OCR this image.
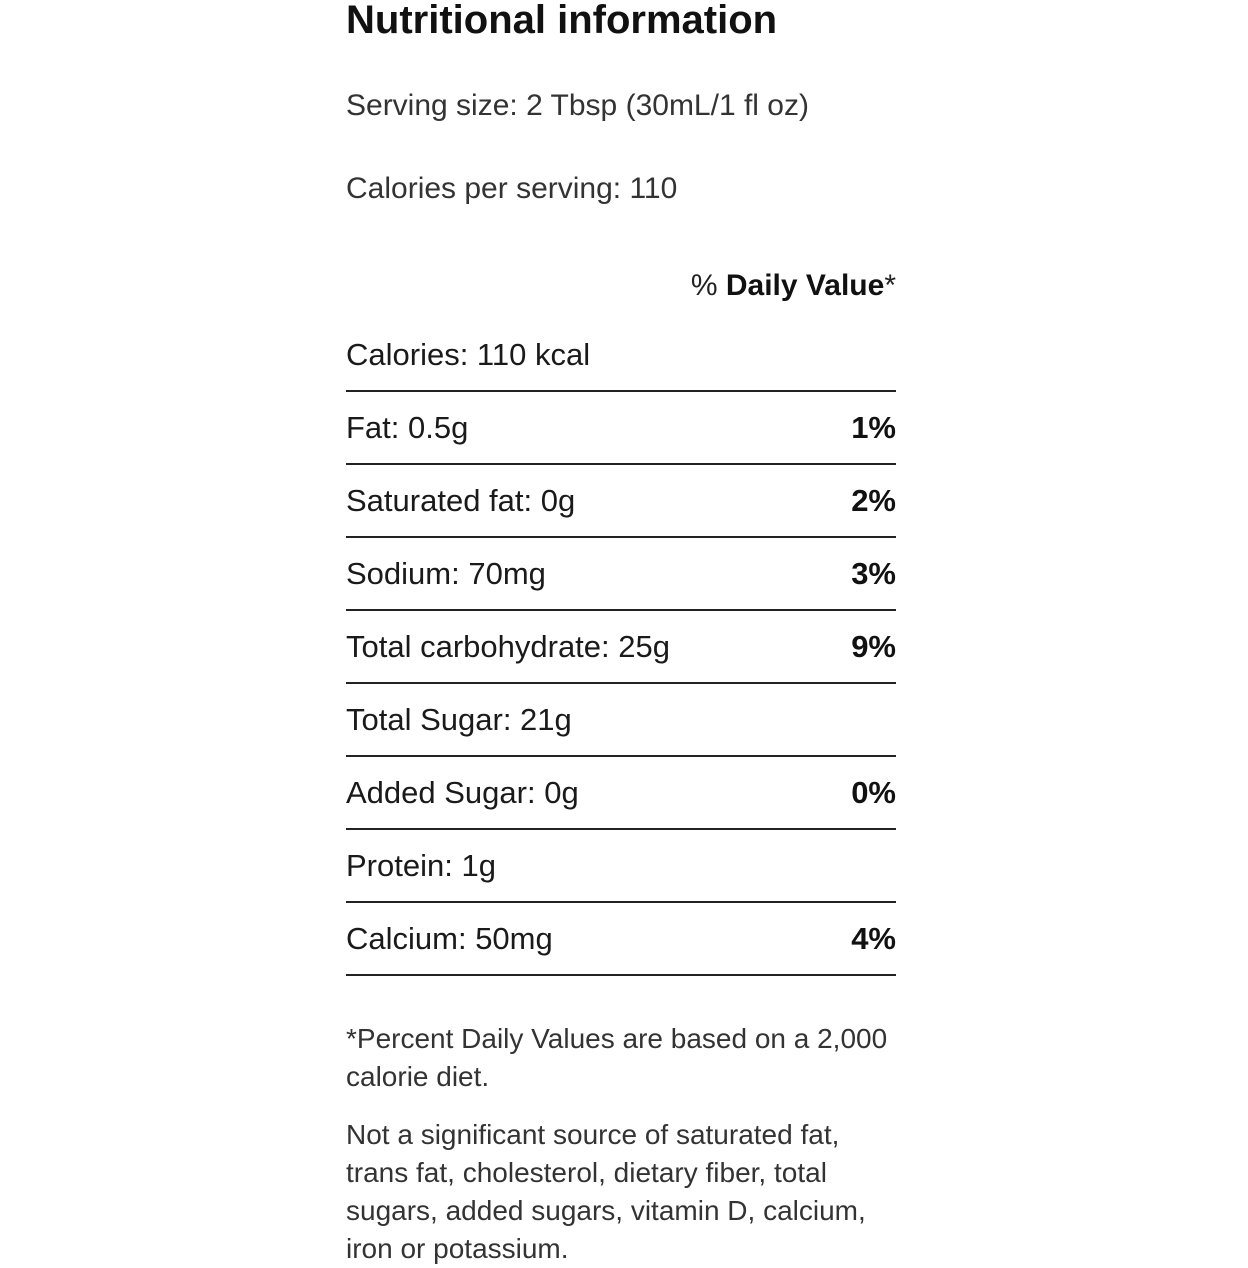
Nutritional information
Serving size: 2 Tbsp (30mL/1 fl oz)
Calories per serving: 110
% Daily Value*
Calories: 110 kcal
Fat: 0.5g	1%
Saturated fat: 0g	2%
Sodium: 70mg	3%
Total carbohydrate: 25g	9%
Total Sugar: 21g
Added Sugar: 0g	0%
Protein: 1g
Calcium: 50mg	4%

*Percent Daily Values are based on a 2,000 calorie diet.

Not a significant source of saturated fat, trans fat, cholesterol, dietary fiber, total sugars, added sugars, vitamin D, calcium, iron or potassium.
